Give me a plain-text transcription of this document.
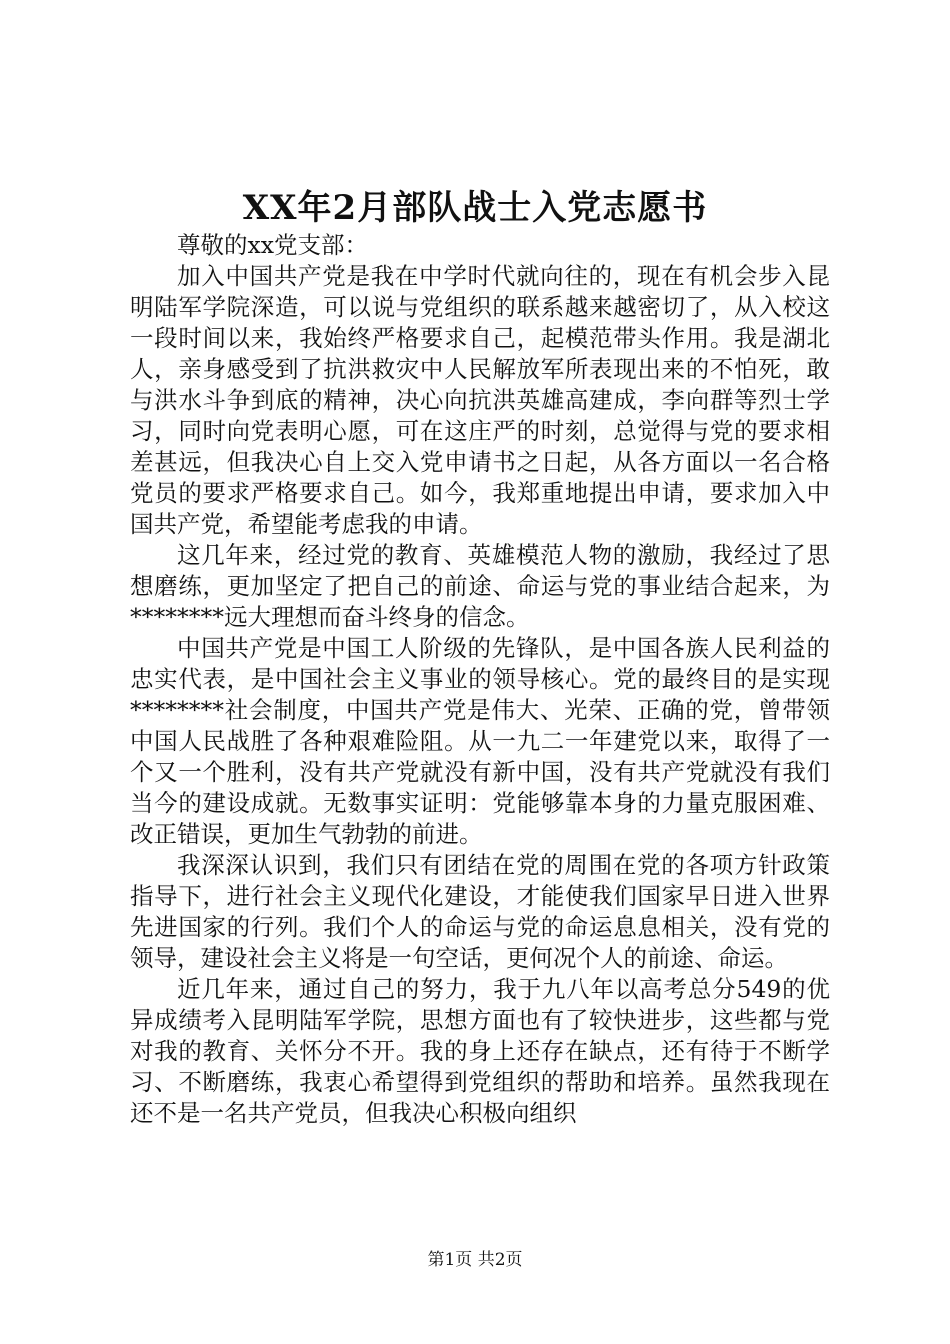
XX年2月部队战士入党志愿书

尊敬的xx党支部：

加入中国共产党是我在中学时代就向往的，现在有机会步入昆明陆军学院深造，可以说与党组织的联系越来越密切了，从入校这一段时间以来，我始终严格要求自己，起模范带头作用。我是湖北人，亲身感受到了抗洪救灾中人民解放军所表现出来的不怕死，敢与洪水斗争到底的精神，决心向抗洪英雄高建成，李向群等烈士学习，同时向党表明心愿，可在这庄严的时刻，总觉得与党的要求相差甚远，但我决心自上交入党申请书之日起，从各方面以一名合格党员的要求严格要求自己。如今，我郑重地提出申请，要求加入中国共产党，希望能考虑我的申请。

这几年来，经过党的教育、英雄模范人物的激励，我经过了思想磨练，更加坚定了把自己的前途、命运与党的事业结合起来，为********远大理想而奋斗终身的信念。

中国共产党是中国工人阶级的先锋队，是中国各族人民利益的忠实代表，是中国社会主义事业的领导核心。党的最终目的是实现********社会制度，中国共产党是伟大、光荣、正确的党，曾带领中国人民战胜了各种艰难险阻。从一九二一年建党以来，取得了一个又一个胜利，没有共产党就没有新中国，没有共产党就没有我们当今的建设成就。无数事实证明：党能够靠本身的力量克服困难、改正错误，更加生气勃勃的前进。

我深深认识到，我们只有团结在党的周围在党的各项方针政策指导下，进行社会主义现代化建设，才能使我们国家早日进入世界先进国家的行列。我们个人的命运与党的命运息息相关，没有党的领导，建设社会主义将是一句空话，更何况个人的前途、命运。

近几年来，通过自己的努力，我于九八年以高考总分549的优异成绩考入昆明陆军学院，思想方面也有了较快进步，这些都与党对我的教育、关怀分不开。我的身上还存在缺点，还有待于不断学习、不断磨练，我衷心希望得到党组织的帮助和培养。虽然我现在还不是一名共产党员，但我决心积极向组织

第1页 共2页
